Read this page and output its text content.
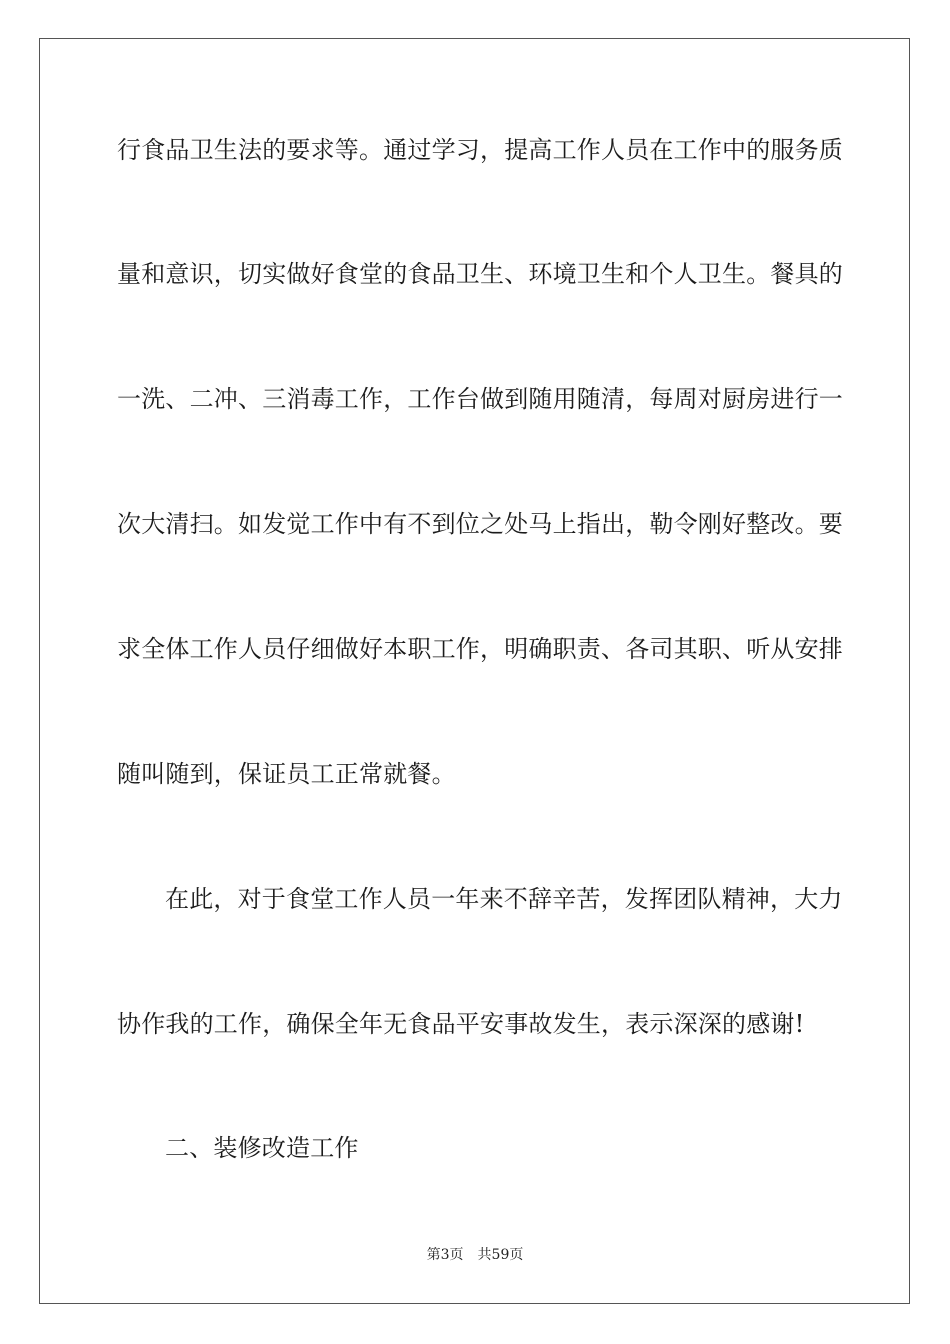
行食品卫生法的要求等。通过学习，提高工作人员在工作中的服务质
量和意识，切实做好食堂的食品卫生、环境卫生和个人卫生。餐具的
一洗、二冲、三消毒工作，工作台做到随用随清，每周对厨房进行一
次大清扫。如发觉工作中有不到位之处马上指出，勒令刚好整改。要
求全体工作人员仔细做好本职工作，明确职责、各司其职、听从安排
随叫随到，保证员工正常就餐。
在此，对于食堂工作人员一年来不辞辛苦，发挥团队精神，大力
协作我的工作，确保全年无食品平安事故发生，表示深深的感谢!
二、装修改造工作
第3页 共59页
